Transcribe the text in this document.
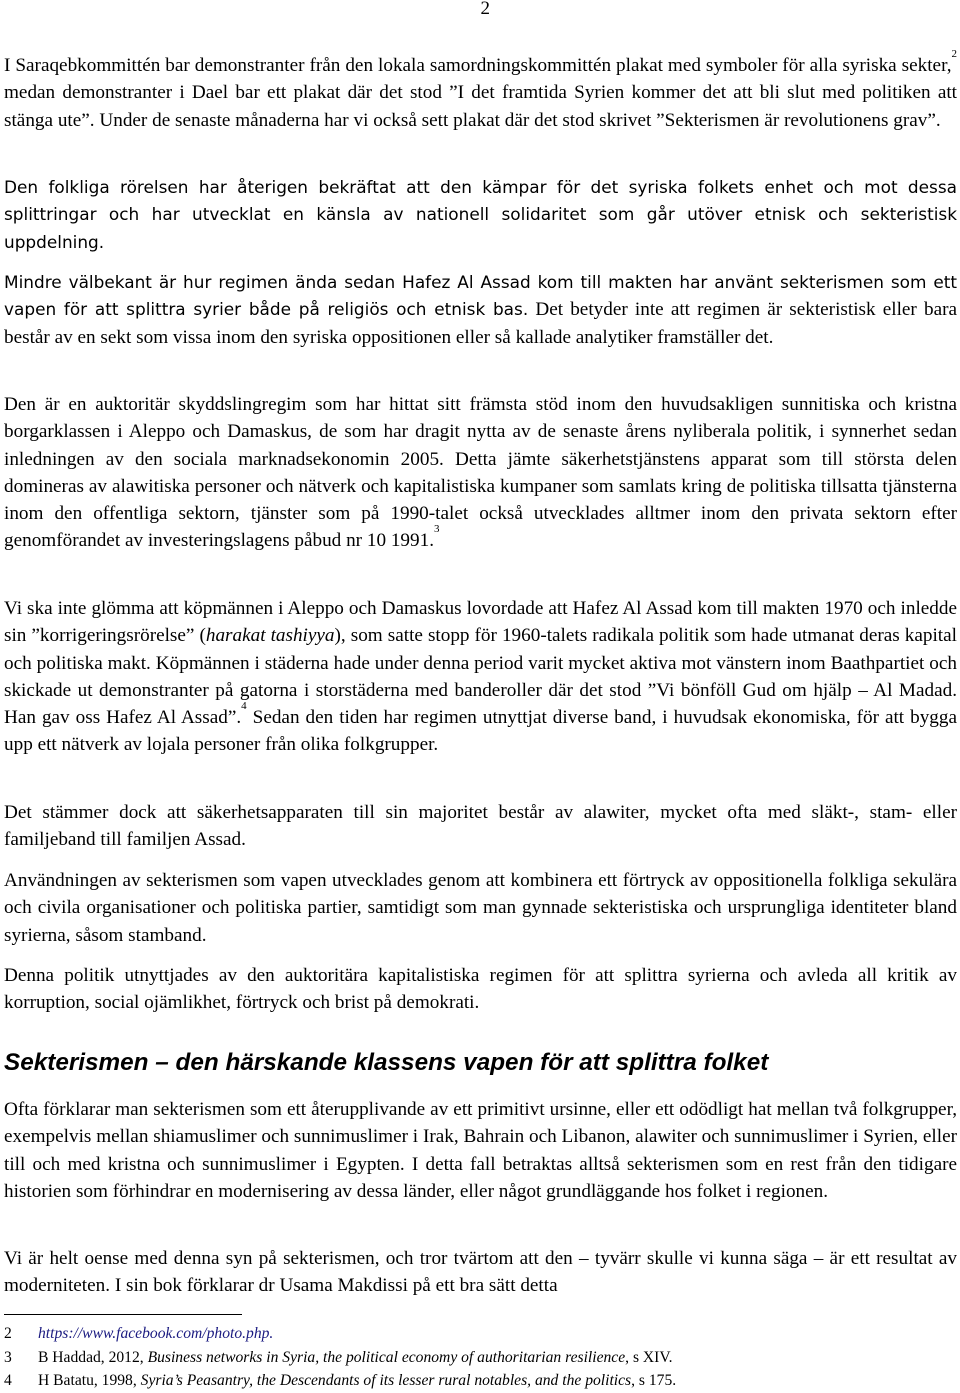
2

I Saraqebkommittén bar demonstranter från den lokala samordningskommittén plakat med symboler för alla syriska sekter,$^2$ medan demonstranter i Dael bar ett plakat där det stod ”I det framtida Syrien kommer det att bli slut med politiken att stänga ute”. Under de senaste månaderna har vi också sett plakat där det stod skrivet ”Sekterismen är revolutionens grav”.

Den folkliga rörelsen har återigen bekräftat att den kämpar för det syriska folkets enhet och mot dessa splittringar och har utvecklat en känsla av nationell solidaritet som går utöver etnisk och sekteristisk uppdelning.

Mindre välbekant är hur regimen ända sedan Hafez Al Assad kom till makten har använt sekterismen som ett vapen för att splittra syrier både på religiös och etnisk bas. Det betyder inte att regimen är sekteristisk eller bara består av en sekt som vissa inom den syriska oppositionen eller så kallade analytiker framställer det.

Den är en auktoritär skyddslingregim som har hittat sitt främsta stöd inom den huvudsakligen sunnitiska och kristna borgarklassen i Aleppo och Damaskus, de som har dragit nytta av de senaste årens nyliberala politik, i synnerhet sedan inledningen av den sociala marknadsekonomin 2005. Detta jämte säkerhetstjänstens apparat som till största delen domineras av alawitiska personer och nätverk och kapitalistiska kumpaner som samlats kring de politiska tillsatta tjänsterna inom den offentliga sektorn, tjänster som på 1990-talet också utvecklades alltmer inom den privata sektorn efter genomförandet av investeringslagens påbud nr 10 1991.$^3$

Vi ska inte glömma att köpmännen i Aleppo och Damaskus lovordade att Hafez Al Assad kom till makten 1970 och inledde sin ”korrigeringsrörelse” (harakat tashiyya), som satte stopp för 1960-talets radikala politik som hade utmanat deras kapital och politiska makt. Köpmännen i städerna hade under denna period varit mycket aktiva mot vänstern inom Baathpartiet och skickade ut demonstranter på gatorna i storstäderna med banderoller där det stod ”Vi bönföll Gud om hjälp – Al Madad. Han gav oss Hafez Al Assad”.$^4$ Sedan den tiden har regimen utnyttjat diverse band, i huvudsak ekonomiska, för att bygga upp ett nätverk av lojala personer från olika folkgrupper.

Det stämmer dock att säkerhetsapparaten till sin majoritet består av alawiter, mycket ofta med släkt-, stam- eller familjeband till familjen Assad.

Användningen av sekterismen som vapen utvecklades genom att kombinera ett förtryck av oppositionella folkliga sekulära och civila organisationer och politiska partier, samtidigt som man gynnade sekteristiska och ursprungliga identiteter bland syrierna, såsom stamband.

Denna politik utnyttjades av den auktoritära kapitalistiska regimen för att splittra syrierna och avleda all kritik av korruption, social ojämlikhet, förtryck och brist på demokrati.

Sekterismen – den härskande klassens vapen för att splittra folket

Ofta förklarar man sekterismen som ett återupplivande av ett primitivt ursinne, eller ett odödligt hat mellan två folkgrupper, exempelvis mellan shiamuslimer och sunnimuslimer i Irak, Bahrain och Libanon, alawiter och sunnimuslimer i Syrien, eller till och med kristna och sunnimuslimer i Egypten. I detta fall betraktas alltså sekterismen som en rest från den tidigare historien som förhindrar en modernisering av dessa länder, eller något grundläggande hos folket i regionen.

Vi är helt oense med denna syn på sekterismen, och tror tvärtom att den – tyvärr skulle vi kunna säga – är ett resultat av moderniteten. I sin bok förklarar dr Usama Makdissi på ett bra sätt detta

2 https://www.facebook.com/photo.php.
3 B Haddad, 2012, Business networks in Syria, the political economy of authoritarian resilience, s XIV.
4 H Batatu, 1998, Syria’s Peasantry, the Descendants of its lesser rural notables, and the politics, s 175.
